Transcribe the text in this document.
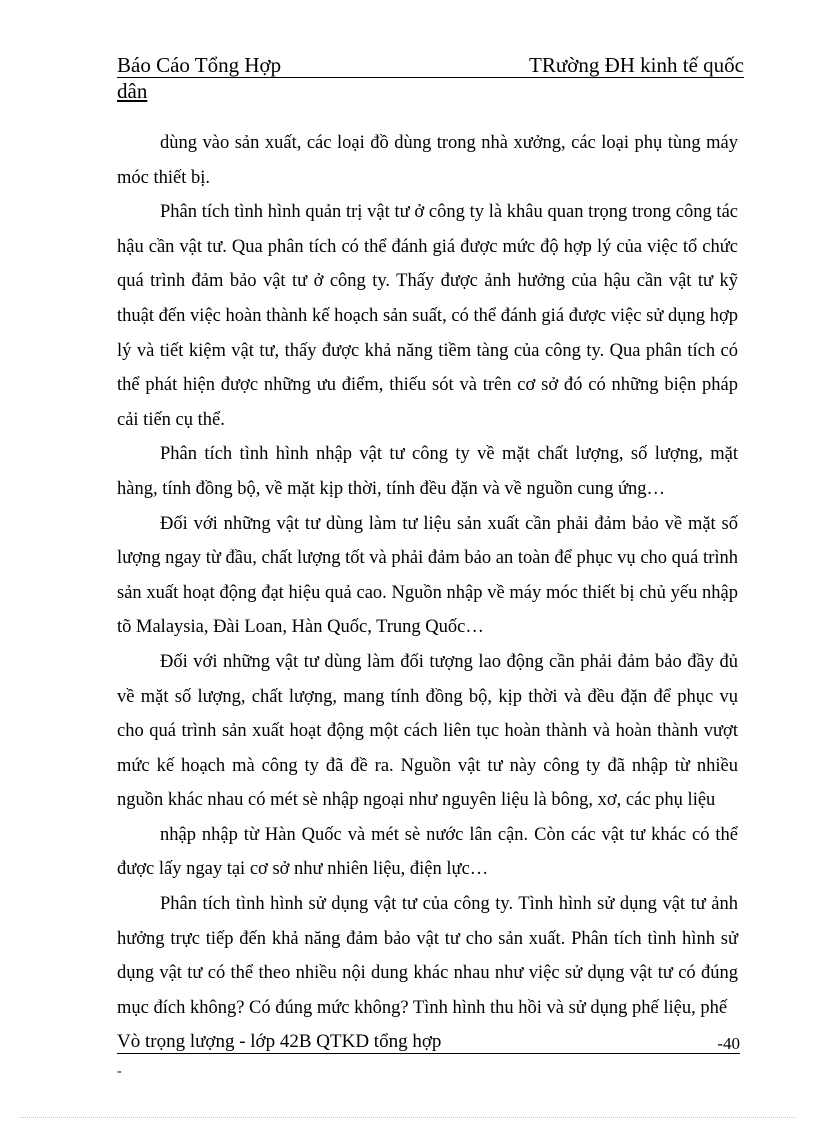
Báo Cáo Tổng Hợp	TRường ĐH kinh tế quốc
dân

dùng vào sản xuất, các loại đồ dùng trong nhà xưởng, các loại phụ tùng máy móc thiết bị.

Phân tích tình hình quản trị vật tư ở công ty là khâu quan trọng trong công tác hậu cần vật tư. Qua phân tích có thể đánh giá được mức độ hợp lý của việc tổ chức quá trình đảm bảo vật tư ở công ty. Thấy được ảnh hưởng của hậu cần vật tư kỹ thuật đến việc hoàn thành kế hoạch sản suất, có thể đánh giá được việc sử dụng hợp lý và tiết kiệm vật tư, thấy được khả năng tiềm tàng của công ty. Qua phân tích có thể phát hiện được những ưu điểm, thiếu sót và trên cơ sở đó có những biện pháp cải tiến cụ thể.

Phân tích tình hình nhập vật tư công ty về mặt chất lượng, số lượng, mặt hàng, tính đồng bộ, về mặt kịp thời, tính đều đặn và về nguồn cung ứng…

Đối với những vật tư dùng làm tư liệu sản xuất cần phải đảm bảo về mặt số lượng ngay từ đầu, chất lượng tốt và phải đảm bảo an toàn để phục vụ cho quá trình sản xuất hoạt động đạt hiệu quả cao. Nguồn nhập về máy móc thiết bị chủ yếu nhập tõ Malaysia, Đài Loan, Hàn Quốc, Trung Quốc…

Đối với những vật tư dùng làm đối tượng lao động cần phải đảm bảo đầy đủ về mặt số lượng, chất lượng, mang tính đồng bộ, kịp thời và đều đặn để phục vụ cho quá trình sản xuất hoạt động một cách liên tục hoàn thành và hoàn thành vượt mức kế hoạch mà công ty đã đề ra. Nguồn vật tư này công ty đã nhập từ nhiều nguồn khác nhau có mét sè nhập ngoại như nguyên liệu là bông, xơ, các phụ liệu

nhập nhập từ Hàn Quốc và mét sè nước lân cận. Còn các vật tư khác có thể được lấy ngay tại cơ sở như nhiên liệu, điện lực…

Phân tích tình hình sử dụng vật tư của công ty. Tình hình sử dụng vật tư ảnh hưởng trực tiếp đến khả năng đảm bảo vật tư cho sản xuất. Phân tích tình hình sử dụng vật tư có thể theo nhiều nội dung khác nhau như việc sử dụng vật tư có đúng mục đích không? Có đúng mức không? Tình hình thu hồi và sử dụng phế liệu, phế

Vò trọng lượng - lớp 42B QTKD tổng hợp	-40
-
